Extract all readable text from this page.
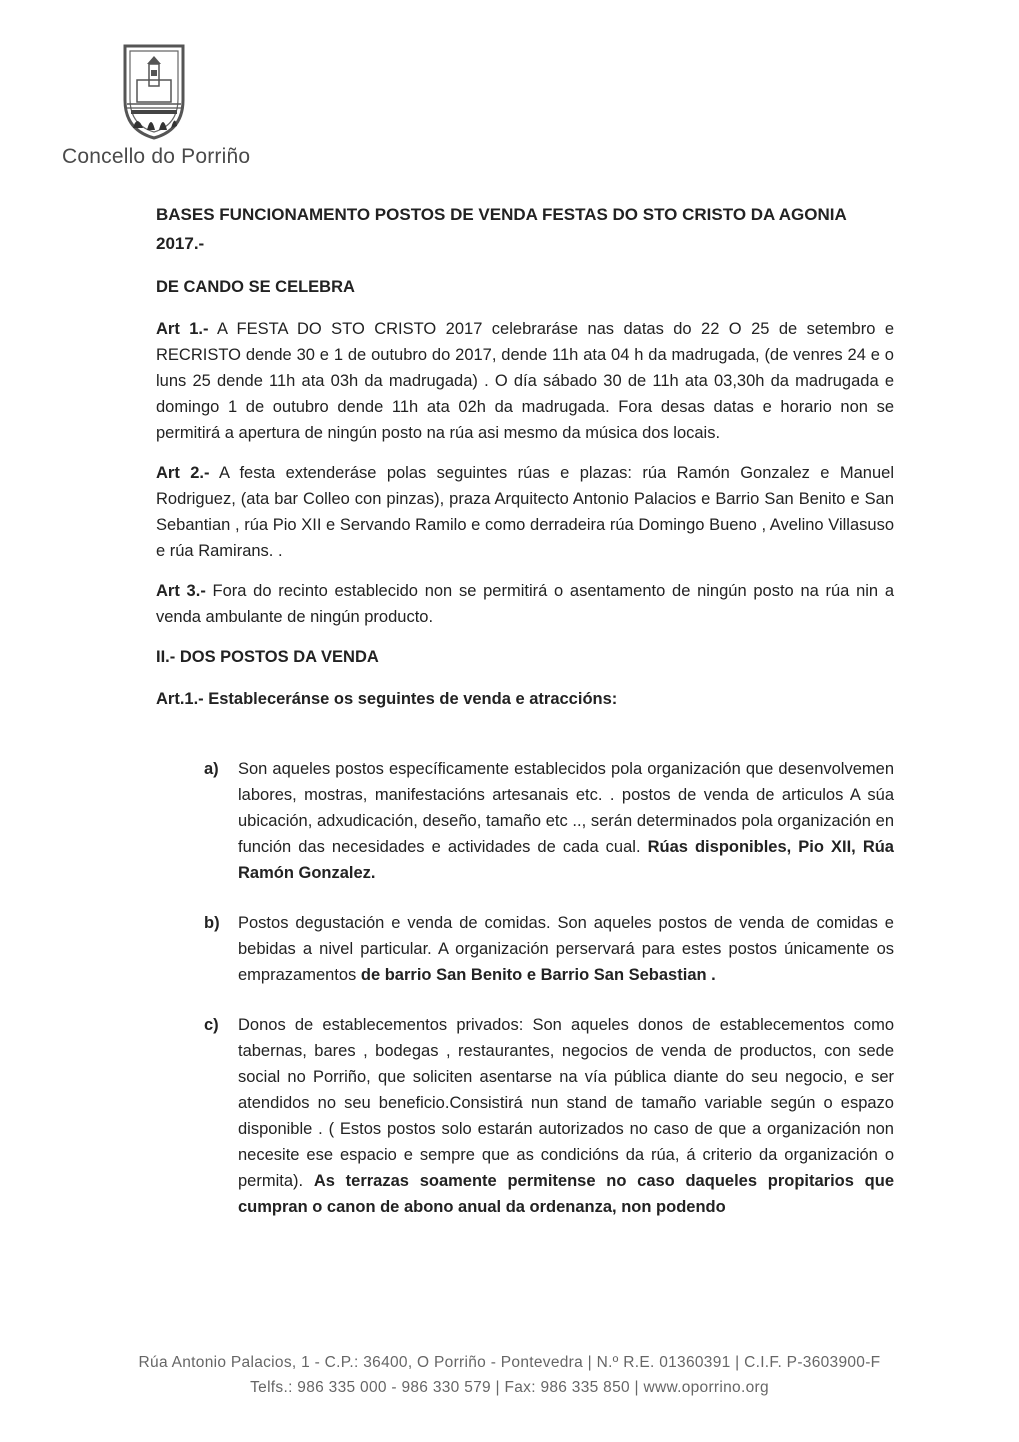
Concello do Porriño
BASES FUNCIONAMENTO POSTOS DE VENDA FESTAS DO STO CRISTO DA AGONIA
2017.-
DE CANDO SE CELEBRA

Art 1.- A FESTA DO STO CRISTO 2017 celebraráse nas datas do 22 O 25 de setembro e RECRISTO dende 30 e 1 de outubro do 2017, dende 11h ata 04 h da madrugada, (de venres 24 e o luns 25 dende 11h ata 03h da madrugada) . O día sábado 30 de 11h ata 03,30h da madrugada e domingo 1 de outubro dende 11h ata 02h da madrugada. Fora desas datas e horario non se permitirá a apertura de ningún posto na rúa asi mesmo da música dos locais.

Art 2.- A festa extenderáse polas seguintes rúas e plazas: rúa Ramón Gonzalez e Manuel Rodriguez, (ata bar Colleo con pinzas), praza Arquitecto Antonio Palacios e Barrio San Benito e San Sebantian , rúa Pio XII e Servando Ramilo e como derradeira rúa Domingo Bueno , Avelino Villasuso e rúa Ramirans. .

Art 3.- Fora do recinto establecido non se permitirá o asentamento de ningún posto na rúa nin a venda ambulante de ningún producto.

II.- DOS POSTOS DA VENDA
Art.1.- Estableceránse os seguintes de venda e atraccións:
a) Son aqueles postos específicamente establecidos pola organización que desenvolvemen labores, mostras, manifestacións artesanais etc. . postos de venda de articulos A súa ubicación, adxudicación, deseño, tamaño etc .., serán determinados pola organización en función das necesidades e actividades de cada cual. Rúas disponibles, Pio XII, Rúa Ramón Gonzalez.
b) Postos degustación e venda de comidas. Son aqueles postos de venda de comidas e bebidas a nivel particular. A organización perservará para estes postos únicamente os emprazamentos de barrio San Benito e Barrio San Sebastian .
c) Donos de establecementos privados: Son aqueles donos de establecementos como tabernas, bares , bodegas , restaurantes, negocios de venda de productos, con sede social no Porriño, que soliciten asentarse na vía pública diante do seu negocio, e ser atendidos no seu beneficio.Consistirá nun stand de tamaño variable según o espazo disponible . ( Estos postos solo estarán autorizados no caso de que a organización non necesite ese espacio e sempre que as condicións da rúa, á criterio da organización o permita). As terrazas soamente permitense no caso daqueles propitarios que cumpran o canon de abono anual da ordenanza, non podendo
Rúa Antonio Palacios, 1 - C.P.: 36400, O Porriño - Pontevedra | N.º R.E. 01360391 | C.I.F. P-3603900-F
Telfs.: 986 335 000 - 986 330 579 | Fax: 986 335 850 | www.oporrino.org
